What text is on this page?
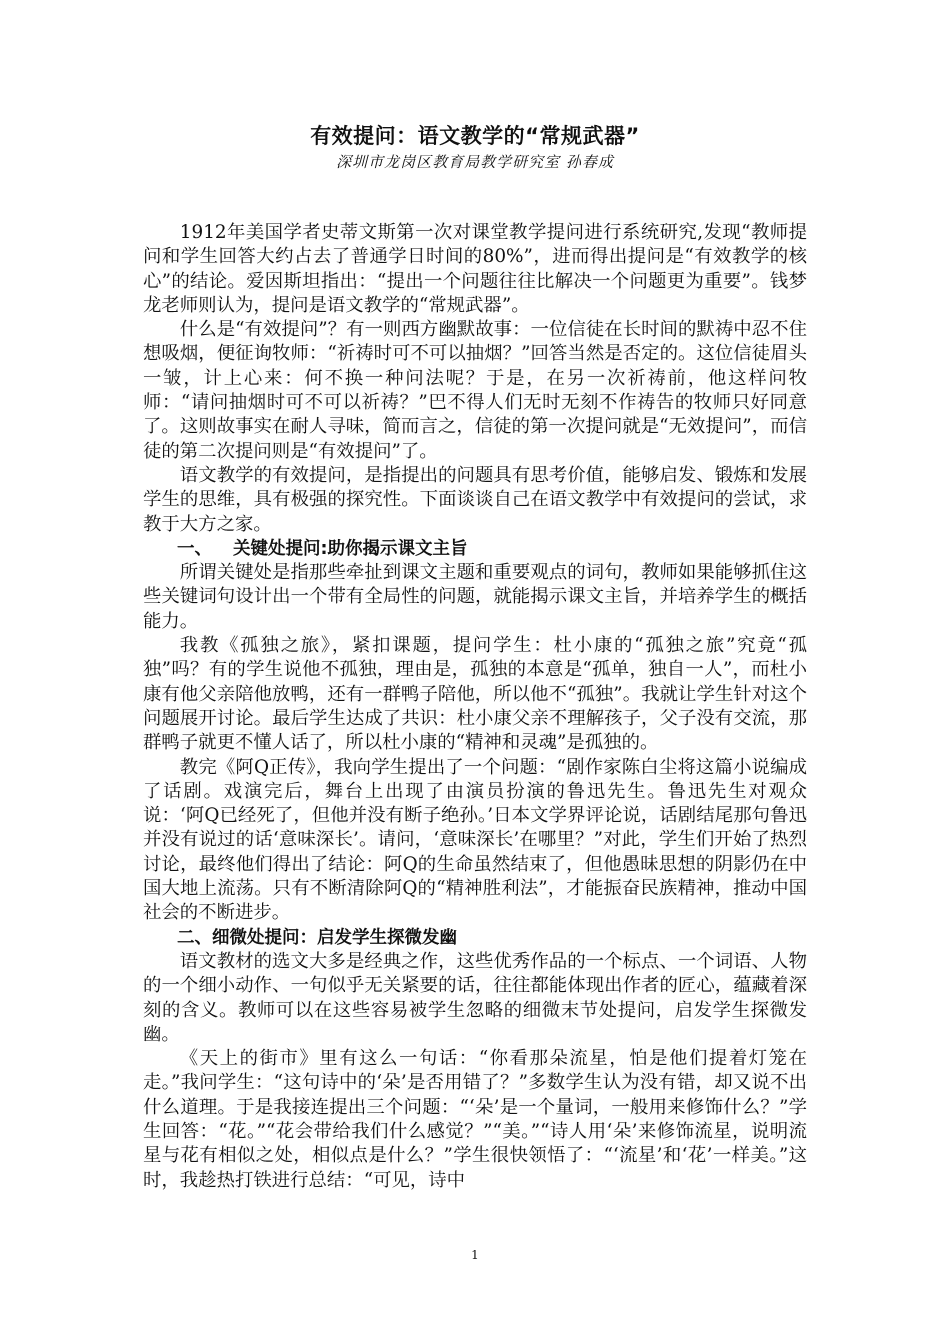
有效提问：语文教学的“常规武器”
深圳市龙岗区教育局教学研究室 孙春成

1912年美国学者史蒂文斯第一次对课堂教学提问进行系统研究,发现“教师提问和学生回答大约占去了普通学日时间的80%”，进而得出提问是“有效教学的核心”的结论。爱因斯坦指出：“提出一个问题往往比解决一个问题更为重要”。钱梦龙老师则认为，提问是语文教学的“常规武器”。

什么是“有效提问”？有一则西方幽默故事：一位信徒在长时间的默祷中忍不住想吸烟，便征询牧师：“祈祷时可不可以抽烟？”回答当然是否定的。这位信徒眉头一皱，计上心来：何不换一种问法呢？于是，在另一次祈祷前，他这样问牧师：“请问抽烟时可不可以祈祷？”巴不得人们无时无刻不作祷告的牧师只好同意了。这则故事实在耐人寻味，简而言之，信徒的第一次提问就是“无效提问”，而信徒的第二次提问则是“有效提问”了。

语文教学的有效提问，是指提出的问题具有思考价值，能够启发、锻炼和发展学生的思维，具有极强的探究性。下面谈谈自己在语文教学中有效提问的尝试，求教于大方之家。

一、 关键处提问:助你揭示课文主旨

所谓关键处是指那些牵扯到课文主题和重要观点的词句，教师如果能够抓住这些关键词句设计出一个带有全局性的问题，就能揭示课文主旨，并培养学生的概括能力。

我教《孤独之旅》，紧扣课题，提问学生：杜小康的“孤独之旅”究竟“孤独”吗？有的学生说他不孤独，理由是，孤独的本意是“孤单，独自一人”，而杜小康有他父亲陪他放鸭，还有一群鸭子陪他，所以他不“孤独”。我就让学生针对这个问题展开讨论。最后学生达成了共识：杜小康父亲不理解孩子，父子没有交流，那群鸭子就更不懂人话了，所以杜小康的“精神和灵魂”是孤独的。

教完《阿Q正传》，我向学生提出了一个问题：“剧作家陈白尘将这篇小说编成了话剧。戏演完后，舞台上出现了由演员扮演的鲁迅先生。鲁迅先生对观众说：‘阿Q已经死了，但他并没有断子绝孙。’日本文学界评论说，话剧结尾那句鲁迅并没有说过的话‘意味深长’。请问，‘意味深长’在哪里？”对此，学生们开始了热烈讨论，最终他们得出了结论：阿Q的生命虽然结束了，但他愚昧思想的阴影仍在中国大地上流荡。只有不断清除阿Q的“精神胜利法”，才能振奋民族精神，推动中国社会的不断进步。

二、细微处提问：启发学生探微发幽

语文教材的选文大多是经典之作，这些优秀作品的一个标点、一个词语、人物的一个细小动作、一句似乎无关紧要的话，往往都能体现出作者的匠心，蕴藏着深刻的含义。教师可以在这些容易被学生忽略的细微末节处提问，启发学生探微发幽。

《天上的街市》里有这么一句话：“你看那朵流星，怕是他们提着灯笼在走。”我问学生：“这句诗中的‘朵’是否用错了？”多数学生认为没有错，却又说不出什么道理。于是我接连提出三个问题：“‘朵’是一个量词，一般用来修饰什么？”学生回答：“花。”“花会带给我们什么感觉？”“美。”“诗人用‘朵’来修饰流星，说明流星与花有相似之处，相似点是什么？”学生很快领悟了：“‘流星’和‘花’一样美。”这时，我趁热打铁进行总结：“可见，诗中

1
